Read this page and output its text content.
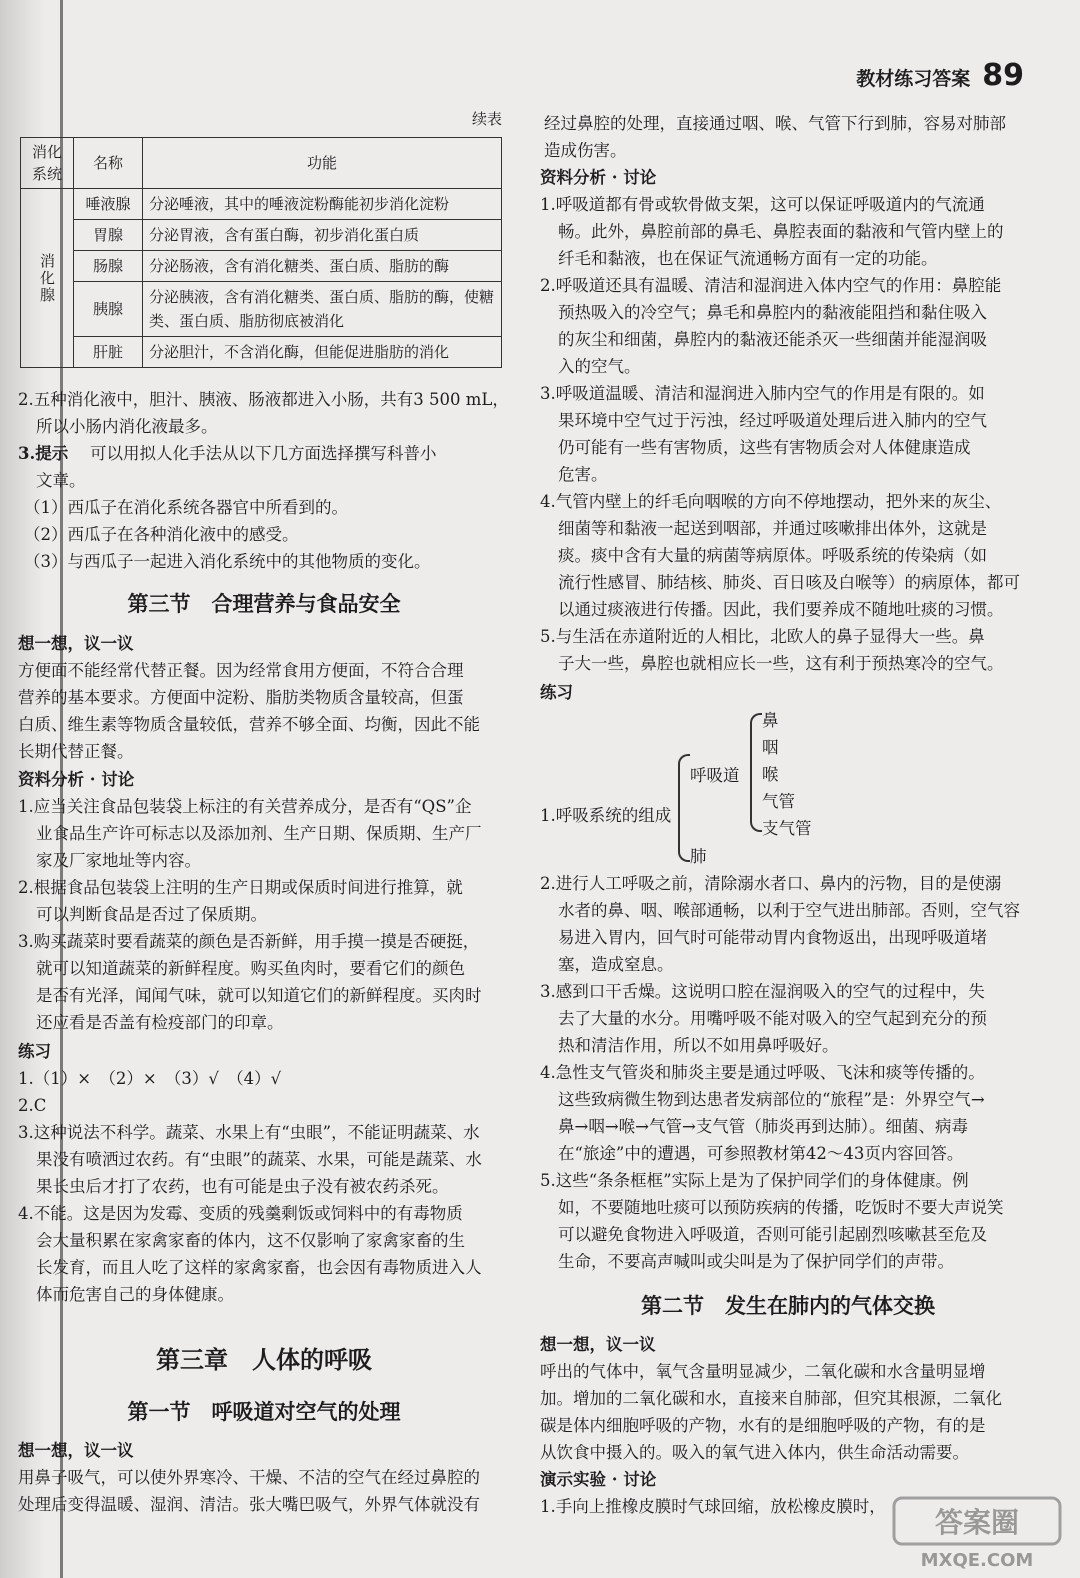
教材练习答案 89
续表
消化系统	名称	功能
消化腺	唾液腺	分泌唾液，其中的唾液淀粉酶能初步消化淀粉
	胃腺	分泌胃液，含有蛋白酶，初步消化蛋白质
	肠腺	分泌肠液，含有消化糖类、蛋白质、脂肪的酶
	胰腺	分泌胰液，含有消化糖类、蛋白质、脂肪的酶，使糖类、蛋白质、脂肪彻底被消化
	肝脏	分泌胆汁，不含消化酶，但能促进脂肪的消化
2.五种消化液中，胆汁、胰液、肠液都进入小肠，共有3 500 mL，
所以小肠内消化液最多。
3.提示 可以用拟人化手法从以下几方面选择撰写科普小
文章。
（1）西瓜子在消化系统各器官中所看到的。
（2）西瓜子在各种消化液中的感受。
（3）与西瓜子一起进入消化系统中的其他物质的变化。
第三节　合理营养与食品安全
想一想，议一议
方便面不能经常代替正餐。因为经常食用方便面，不符合合理
营养的基本要求。方便面中淀粉、脂肪类物质含量较高，但蛋
白质、维生素等物质含量较低，营养不够全面、均衡，因此不能
长期代替正餐。
资料分析 · 讨论
1.应当关注食品包装袋上标注的有关营养成分，是否有“QS”企
业食品生产许可标志以及添加剂、生产日期、保质期、生产厂
家及厂家地址等内容。
2.根据食品包装袋上注明的生产日期或保质时间进行推算，就
可以判断食品是否过了保质期。
3.购买蔬菜时要看蔬菜的颜色是否新鲜，用手摸一摸是否硬挺，
就可以知道蔬菜的新鲜程度。购买鱼肉时，要看它们的颜色
是否有光泽，闻闻气味，就可以知道它们的新鲜程度。买肉时
还应看是否盖有检疫部门的印章。
练习
1.（1）×　（2）×　（3）√　（4）√
2.C
3.这种说法不科学。蔬菜、水果上有“虫眼”，不能证明蔬菜、水
果没有喷洒过农药。有“虫眼”的蔬菜、水果，可能是蔬菜、水
果长虫后才打了农药，也有可能是虫子没有被农药杀死。
4.不能。这是因为发霉、变质的残羹剩饭或饲料中的有毒物质
会大量积累在家禽家畜的体内，这不仅影响了家禽家畜的生
长发育，而且人吃了这样的家禽家畜，也会因有毒物质进入人
体而危害自己的身体健康。
第三章　人体的呼吸
第一节　呼吸道对空气的处理
想一想，议一议
用鼻子吸气，可以使外界寒冷、干燥、不洁的空气在经过鼻腔的
处理后变得温暖、湿润、清洁。张大嘴巴吸气，外界气体就没有
经过鼻腔的处理，直接通过咽、喉、气管下行到肺，容易对肺部
造成伤害。
资料分析 · 讨论
1.呼吸道都有骨或软骨做支架，这可以保证呼吸道内的气流通
畅。此外，鼻腔前部的鼻毛、鼻腔表面的黏液和气管内壁上的
纤毛和黏液，也在保证气流通畅方面有一定的功能。
2.呼吸道还具有温暖、清洁和湿润进入体内空气的作用：鼻腔能
预热吸入的冷空气；鼻毛和鼻腔内的黏液能阻挡和黏住吸入
的灰尘和细菌，鼻腔内的黏液还能杀灭一些细菌并能湿润吸
入的空气。
3.呼吸道温暖、清洁和湿润进入肺内空气的作用是有限的。如
果环境中空气过于污浊，经过呼吸道处理后进入肺内的空气
仍可能有一些有害物质，这些有害物质会对人体健康造成
危害。
4.气管内壁上的纤毛向咽喉的方向不停地摆动，把外来的灰尘、
细菌等和黏液一起送到咽部，并通过咳嗽排出体外，这就是
痰。痰中含有大量的病菌等病原体。呼吸系统的传染病（如
流行性感冒、肺结核、肺炎、百日咳及白喉等）的病原体，都可
以通过痰液进行传播。因此，我们要养成不随地吐痰的习惯。
5.与生活在赤道附近的人相比，北欧人的鼻子显得大一些。鼻
子大一些，鼻腔也就相应长一些，这有利于预热寒冷的空气。
练习
1.呼吸系统的组成
呼吸道
鼻
咽
喉
气管
支气管
肺
2.进行人工呼吸之前，清除溺水者口、鼻内的污物，目的是使溺
水者的鼻、咽、喉部通畅，以利于空气进出肺部。否则，空气容
易进入胃内，回气时可能带动胃内食物返出，出现呼吸道堵
塞，造成窒息。
3.感到口干舌燥。这说明口腔在湿润吸入的空气的过程中，失
去了大量的水分。用嘴呼吸不能对吸入的空气起到充分的预
热和清洁作用，所以不如用鼻呼吸好。
4.急性支气管炎和肺炎主要是通过呼吸、飞沫和痰等传播的。
这些致病微生物到达患者发病部位的“旅程”是：外界空气→
鼻→咽→喉→气管→支气管（肺炎再到达肺）。细菌、病毒
在“旅途”中的遭遇，可参照教材第42～43页内容回答。
5.这些“条条框框”实际上是为了保护同学们的身体健康。例
如，不要随地吐痰可以预防疾病的传播，吃饭时不要大声说笑
可以避免食物进入呼吸道，否则可能引起剧烈咳嗽甚至危及
生命，不要高声喊叫或尖叫是为了保护同学们的声带。
第二节　发生在肺内的气体交换
想一想，议一议
呼出的气体中，氧气含量明显减少，二氧化碳和水含量明显增
加。增加的二氧化碳和水，直接来自肺部，但究其根源，二氧化
碳是体内细胞呼吸的产物，水有的是细胞呼吸的产物，有的是
从饮食中摄入的。吸入的氧气进入体内，供生命活动需要。
演示实验 · 讨论
1.手向上推橡皮膜时气球回缩，放松橡皮膜时， 答案圈
MXQE.COM
